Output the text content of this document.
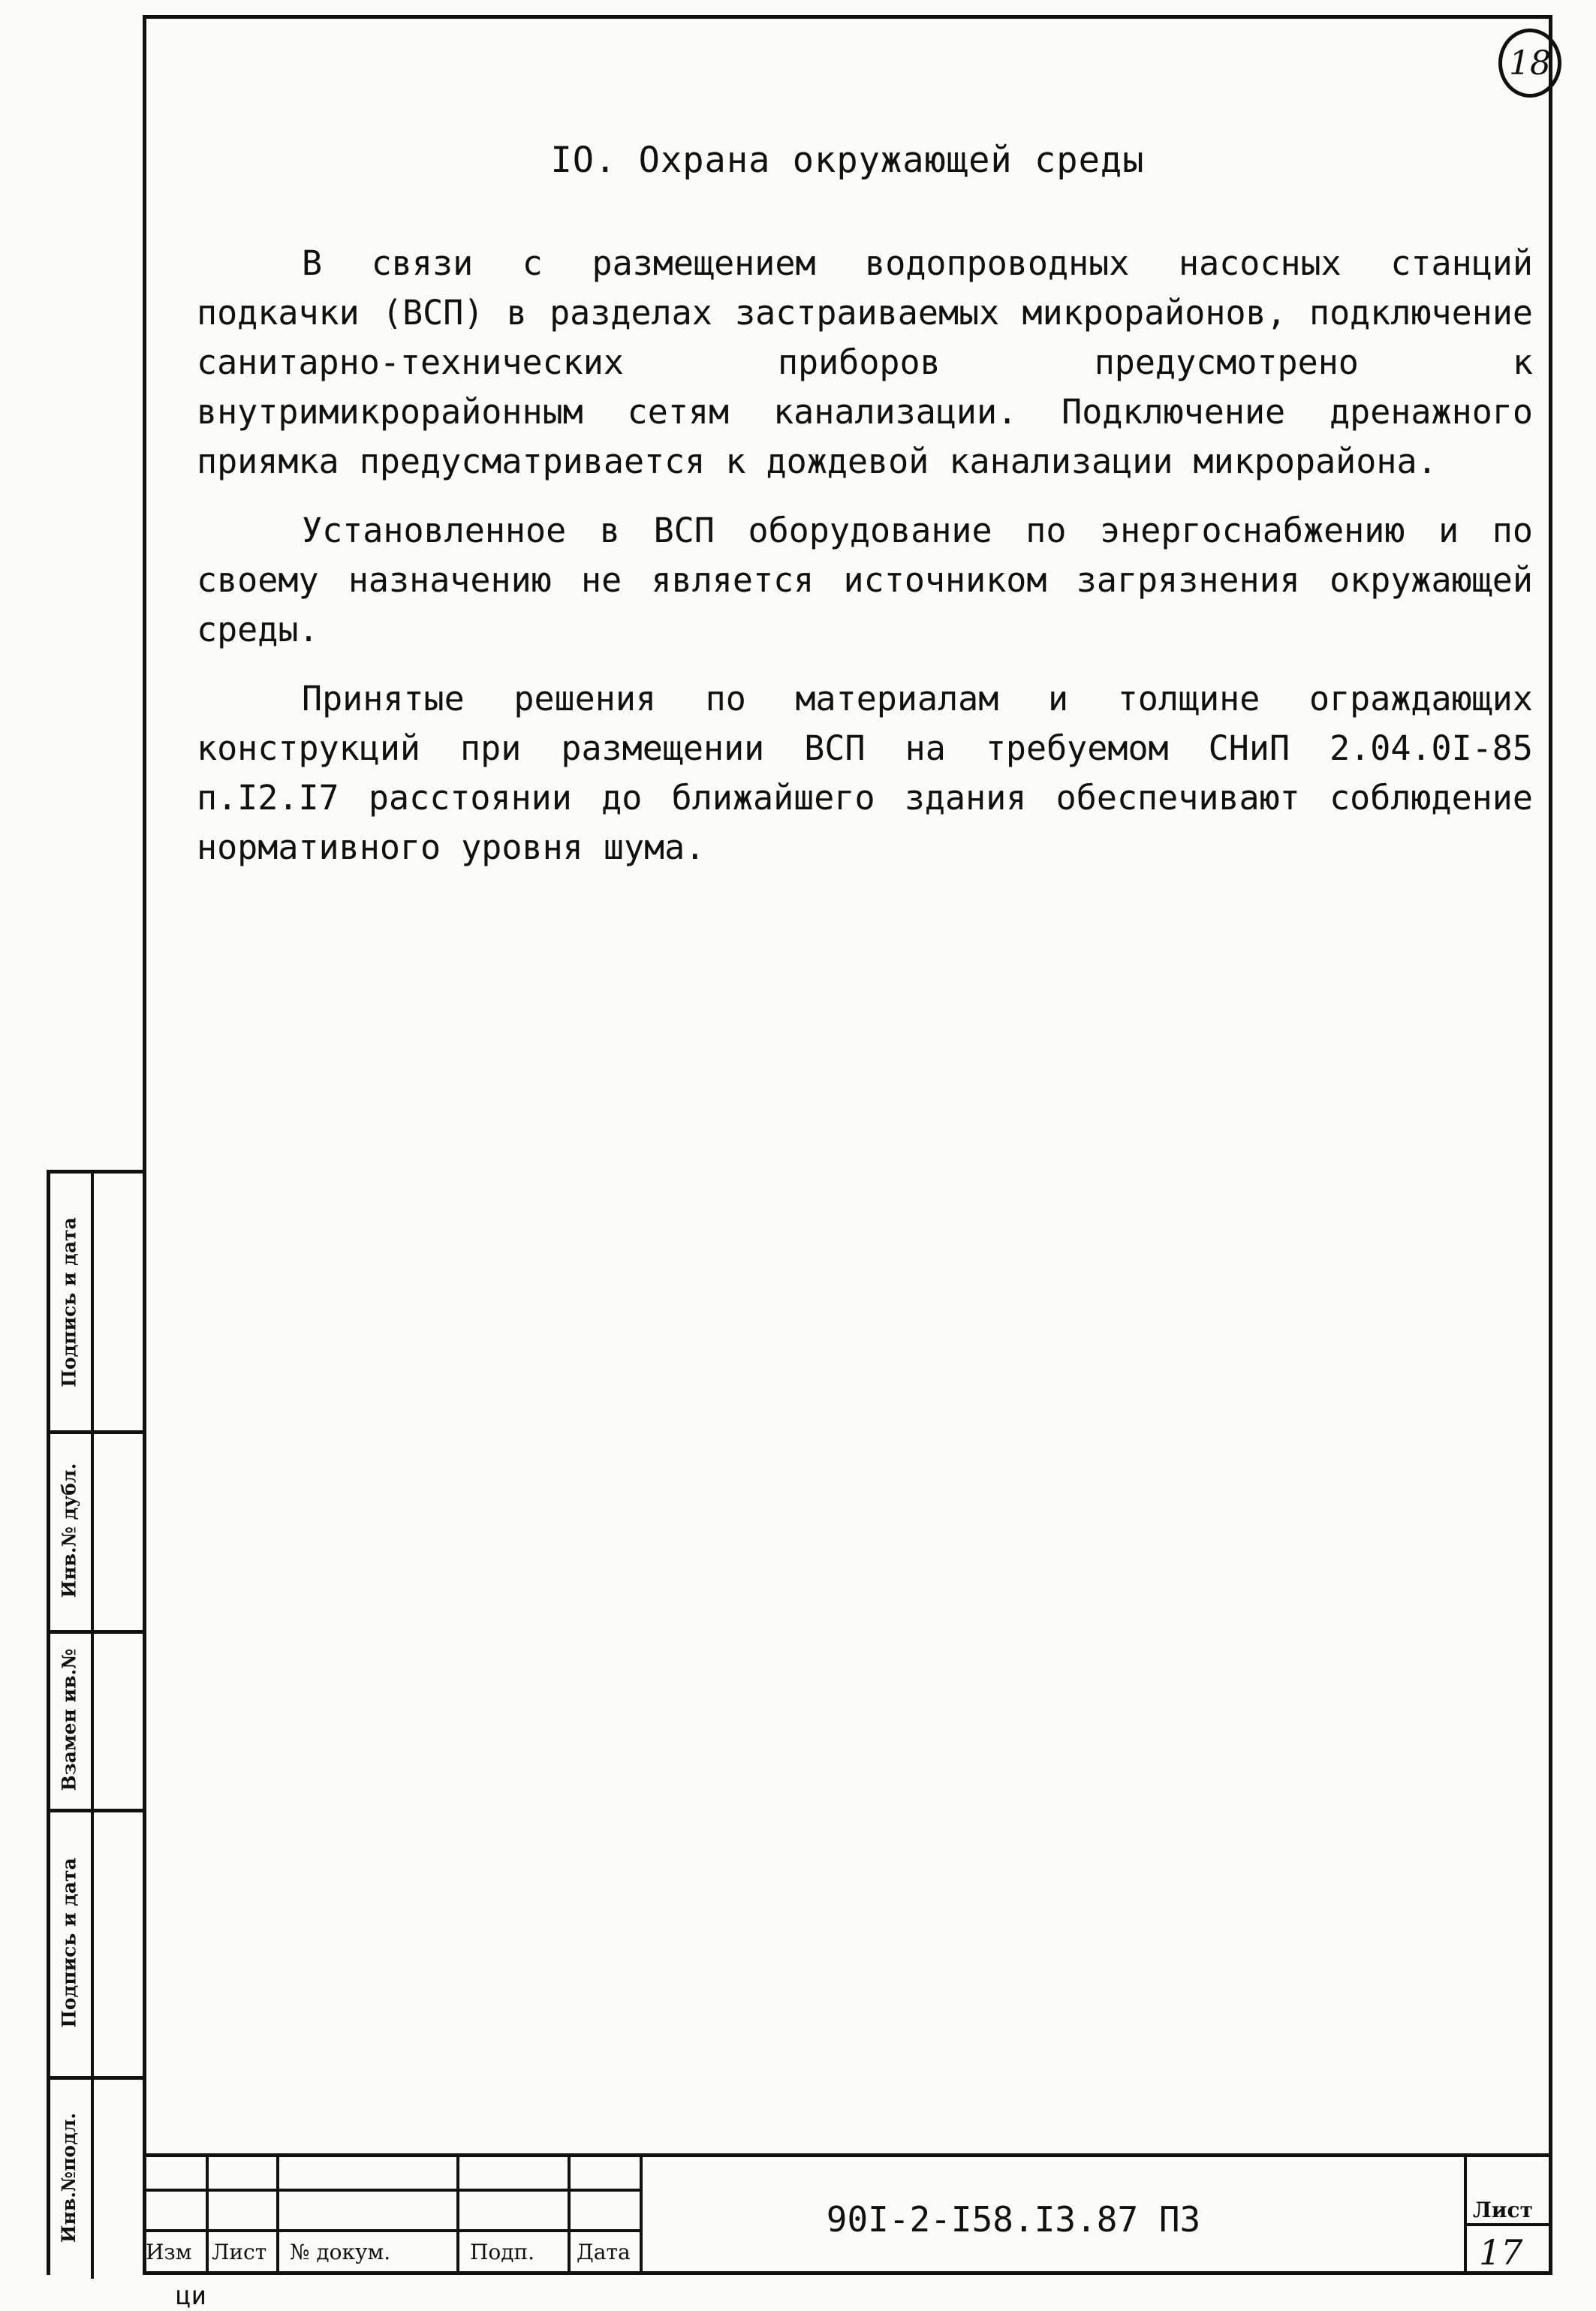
18
IO. Охрана окружающей среды

В связи с размещением водопроводных насосных станций подкачки (ВСП) в разделах застраиваемых микрорайонов, подключение санитарно-технических приборов предусмотрено к внутримикрорайонным сетям канализации. Подключение дренажного приямка предусматривается к дождевой канализации микрорайона.

Установленное в ВСП оборудование по энергоснабжению и по своему назначению не является источником загрязнения окружающей среды.

Принятые решения по материалам и толщине ограждающих конструкций при размещении ВСП на требуемом СНиП 2.04.0I-85 п.I2.I7 расстоянии до ближайшего здания обеспечивают соблюдение нормативного уровня шума.

Подпись и дата
Инв.№ дубл.
Взамен ив.№
Подпись и дата
Инв.№подл.
Изм Лист № докум.	Подп. Дата
90I-2-I58.I3.87 ПЗ	Лист
17
ци
